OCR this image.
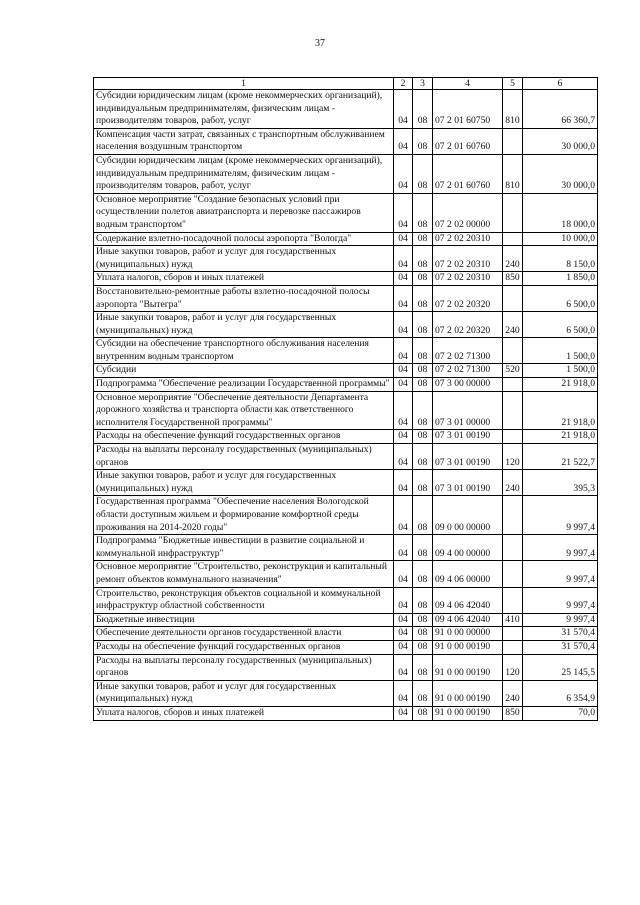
37
1	2	3	4	5	6
Субсидии юридическим лицам (кроме некоммерческих организаций), индивидуальным предпринимателям, физическим лицам - производителям товаров, работ, услуг	04	08	07 2 01 60750	810	66 360,7
Компенсация части затрат, связанных с транспортным обслуживанием населения воздушным транспортом	04	08	07 2 01 60760		30 000,0
Субсидии юридическим лицам (кроме некоммерческих организаций), индивидуальным предпринимателям, физическим лицам - производителям товаров, работ, услуг	04	08	07 2 01 60760	810	30 000,0
Основное мероприятие "Создание безопасных условий при осуществлении полетов авиатранспорта и перевозке пассажиров водным транспортом"	04	08	07 2 02 00000		18 000,0
Содержание взлетно-посадочной полосы аэропорта "Вологда"	04	08	07 2 02 20310		10 000,0
Иные закупки товаров, работ и услуг для государственных (муниципальных) нужд	04	08	07 2 02 20310	240	8 150,0
Уплата налогов, сборов и иных платежей	04	08	07 2 02 20310	850	1 850,0
Восстановительно-ремонтные работы взлетно-посадочной полосы аэропорта "Вытегра"	04	08	07 2 02 20320		6 500,0
Иные закупки товаров, работ и услуг для государственных (муниципальных) нужд	04	08	07 2 02 20320	240	6 500,0
Субсидии на обеспечение транспортного обслуживания населения внутренним водным транспортом	04	08	07 2 02 71300		1 500,0
Субсидии	04	08	07 2 02 71300	520	1 500,0
Подпрограмма "Обеспечение реализации Государственной программы"	04	08	07 3 00 00000		21 918,0
Основное мероприятие "Обеспечение деятельности Департамента дорожного хозяйства и транспорта области как ответственного исполнителя Государственной программы"	04	08	07 3 01 00000		21 918,0
Расходы на обеспечение функций государственных органов	04	08	07 3 01 00190		21 918,0
Расходы на выплаты персоналу государственных (муниципальных) органов	04	08	07 3 01 00190	120	21 522,7
Иные закупки товаров, работ и услуг для государственных (муниципальных) нужд	04	08	07 3 01 00190	240	395,3
Государственная программа "Обеспечение населения Вологодской области доступным жильем и формирование комфортной среды проживания на 2014-2020 годы"	04	08	09 0 00 00000		9 997,4
Подпрограмма "Бюджетные инвестиции в развитие социальной и коммунальной инфраструктур"	04	08	09 4 00 00000		9 997,4
Основное мероприятие "Строительство, реконструкция и капитальный ремонт объектов коммунального назначения"	04	08	09 4 06 00000		9 997,4
Строительство, реконструкция объектов социальной и коммунальной инфраструктур областной собственности	04	08	09 4 06 42040		9 997,4
Бюджетные инвестиции	04	08	09 4 06 42040	410	9 997,4
Обеспечение деятельности органов государственной власти	04	08	91 0 00 00000		31 570,4
Расходы на обеспечение функций государственных органов	04	08	91 0 00 00190		31 570,4
Расходы на выплаты персоналу государственных (муниципальных) органов	04	08	91 0 00 00190	120	25 145,5
Иные закупки товаров, работ и услуг для государственных (муниципальных) нужд	04	08	91 0 00 00190	240	6 354,9
Уплата налогов, сборов и иных платежей	04	08	91 0 00 00190	850	70,0
